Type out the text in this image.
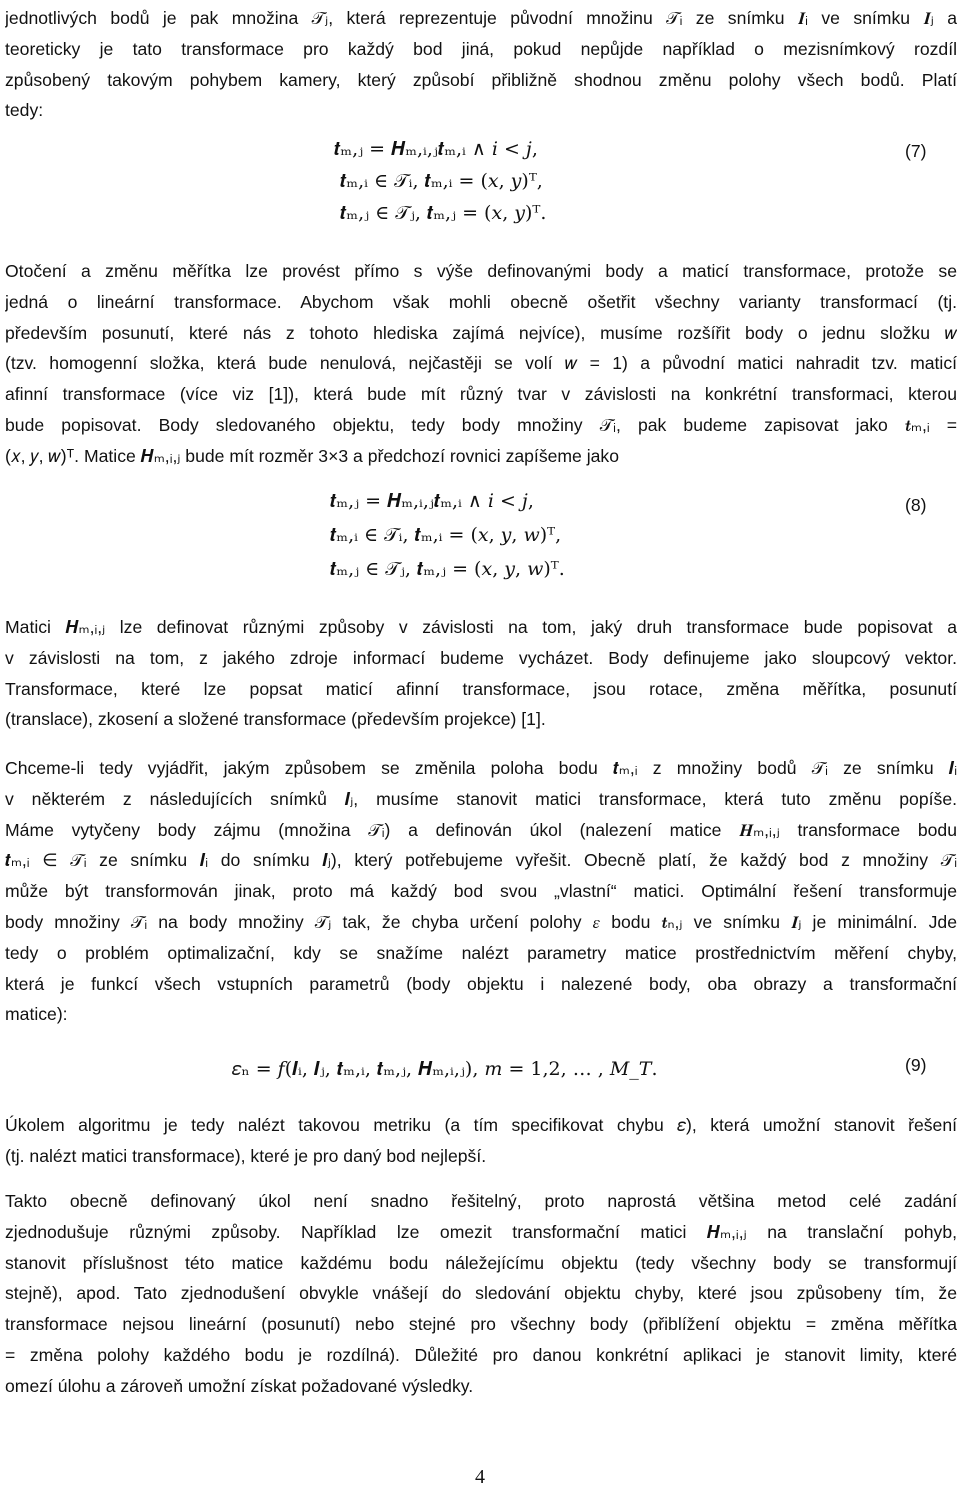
jednotlivých bodů je pak množina 𝒯ⱼ, která reprezentuje původní množinu 𝒯ᵢ ze snímku 𝑰ᵢ ve snímku 𝑰ⱼ a
teoreticky je tato transformace pro každý bod jiná, pokud nepůjde například o mezisnímkový rozdíl
způsobený takovým pohybem kamery, který způsobí přibližně shodnou změnu polohy všech bodů. Platí
tedy:
𝒕ₘ,ⱼ = 𝑯ₘ,ᵢ,ⱼ𝒕ₘ,ᵢ ∧ 𝑖 < 𝑗,
𝒕ₘ,ᵢ ∈ 𝒯ᵢ, 𝒕ₘ,ᵢ = (𝑥, 𝑦)ᵀ,
𝒕ₘ,ⱼ ∈ 𝒯ⱼ, 𝒕ₘ,ⱼ = (𝑥, 𝑦)ᵀ.
(7)
Otočení a změnu měřítka lze provést přímo s výše definovanými body a maticí transformace, protože se
jedná o lineární transformace. Abychom však mohli obecně ošetřit všechny varianty transformací (tj.
především posunutí, které nás z tohoto hlediska zajímá nejvíce), musíme rozšířit body o jednu složku 𝑤
(tzv. homogenní složka, která bude nenulová, nejčastěji se volí 𝑤 = 1) a původní matici nahradit tzv. maticí
afinní transformace (více viz [1]), která bude mít různý tvar v závislosti na konkrétní transformaci, kterou
bude popisovat. Body sledovaného objektu, tedy body množiny 𝒯ᵢ, pak budeme zapisovat jako 𝒕ₘ,ᵢ =
(𝑥, 𝑦, 𝑤)ᵀ. Matice 𝑯ₘ,ᵢ,ⱼ bude mít rozměr 3×3 a předchozí rovnici zapíšeme jako
𝒕ₘ,ⱼ = 𝑯ₘ,ᵢ,ⱼ𝒕ₘ,ᵢ ∧ 𝑖 < 𝑗,
𝒕ₘ,ᵢ ∈ 𝒯ᵢ, 𝒕ₘ,ᵢ = (𝑥, 𝑦, 𝑤)ᵀ,
𝒕ₘ,ⱼ ∈ 𝒯ⱼ, 𝒕ₘ,ⱼ = (𝑥, 𝑦, 𝑤)ᵀ.
(8)
Matici 𝑯ₘ,ᵢ,ⱼ lze definovat různými způsoby v závislosti na tom, jaký druh transformace bude popisovat a
v závislosti na tom, z jakého zdroje informací budeme vycházet. Body definujeme jako sloupcový vektor.
Transformace, které lze popsat maticí afinní transformace, jsou rotace, změna měřítka, posunutí
(translace), zkosení a složené transformace (především projekce) [1].
Chceme-li tedy vyjádřit, jakým způsobem se změnila poloha bodu 𝒕ₘ,ᵢ z množiny bodů 𝒯ᵢ ze snímku 𝑰ᵢ
v některém z následujících snímků 𝑰ⱼ, musíme stanovit matici transformace, která tuto změnu popíše.
Máme vytyčeny body zájmu (množina 𝒯ᵢ) a definován úkol (nalezení matice 𝑯ₘ,ᵢ,ⱼ transformace bodu
𝒕ₘ,ᵢ ∈ 𝒯ᵢ ze snímku 𝑰ᵢ do snímku 𝑰ⱼ), který potřebujeme vyřešit. Obecně platí, že každý bod z množiny 𝒯ᵢ
může být transformován jinak, proto má každý bod svou „vlastní“ matici. Optimální řešení transformuje
body množiny 𝒯ᵢ na body množiny 𝒯ⱼ tak, že chyba určení polohy 𝜀 bodu 𝒕ₙ,ⱼ ve snímku 𝑰ⱼ je minimální. Jde
tedy o problém optimalizační, kdy se snažíme nalézt parametry matice prostřednictvím měření chyby,
která je funkcí všech vstupních parametrů (body objektu i nalezené body, oba obrazy a transformační
matice):
𝜀ₙ = 𝑓(𝑰ᵢ, 𝑰ⱼ, 𝒕ₘ,ᵢ, 𝒕ₘ,ⱼ, 𝑯ₘ,ᵢ,ⱼ), 𝑚 = 1,2, … , 𝑀_𝑇.	(9)
Úkolem algoritmu je tedy nalézt takovou metriku (a tím specifikovat chybu 𝜀), která umožní stanovit řešení
(tj. nalézt matici transformace), které je pro daný bod nejlepší.
Takto obecně definovaný úkol není snadno řešitelný, proto naprostá většina metod celé zadání
zjednodušuje různými způsoby. Například lze omezit transformační matici 𝑯ₘ,ᵢ,ⱼ na translační pohyb,
stanovit příslušnost této matice každému bodu náležejícímu objektu (tedy všechny body se transformují
stejně), apod. Tato zjednodušení obvykle vnášejí do sledování objektu chyby, které jsou způsobeny tím, že
transformace nejsou lineární (posunutí) nebo stejné pro všechny body (přiblížení objektu = změna měřítka
= změna polohy každého bodu je rozdílná). Důležité pro danou konkrétní aplikaci je stanovit limity, které
omezí úlohu a zároveň umožní získat požadované výsledky.
4
